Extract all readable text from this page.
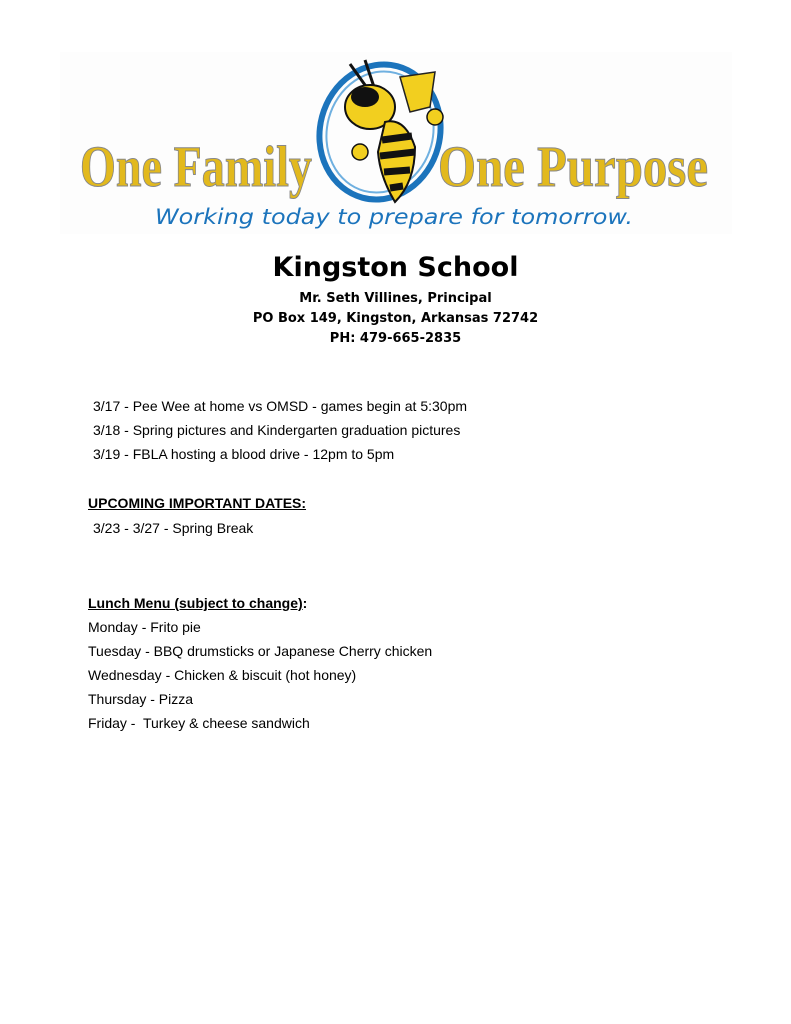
One Family One Purpose
Working today to prepare for tomorrow.
Kingston School
Mr. Seth Villines, Principal
PO Box 149, Kingston, Arkansas 72742
PH: 479-665-2835
3/17 - Pee Wee at home vs OMSD - games begin at 5:30pm
3/18 - Spring pictures and Kindergarten graduation pictures
3/19 - FBLA hosting a blood drive - 12pm to 5pm
UPCOMING IMPORTANT DATES:
3/23 - 3/27 - Spring Break
Lunch Menu (subject to change):
Monday - Frito pie
Tuesday - BBQ drumsticks or Japanese Cherry chicken
Wednesday - Chicken & biscuit (hot honey)
Thursday - Pizza
Friday -  Turkey & cheese sandwich
